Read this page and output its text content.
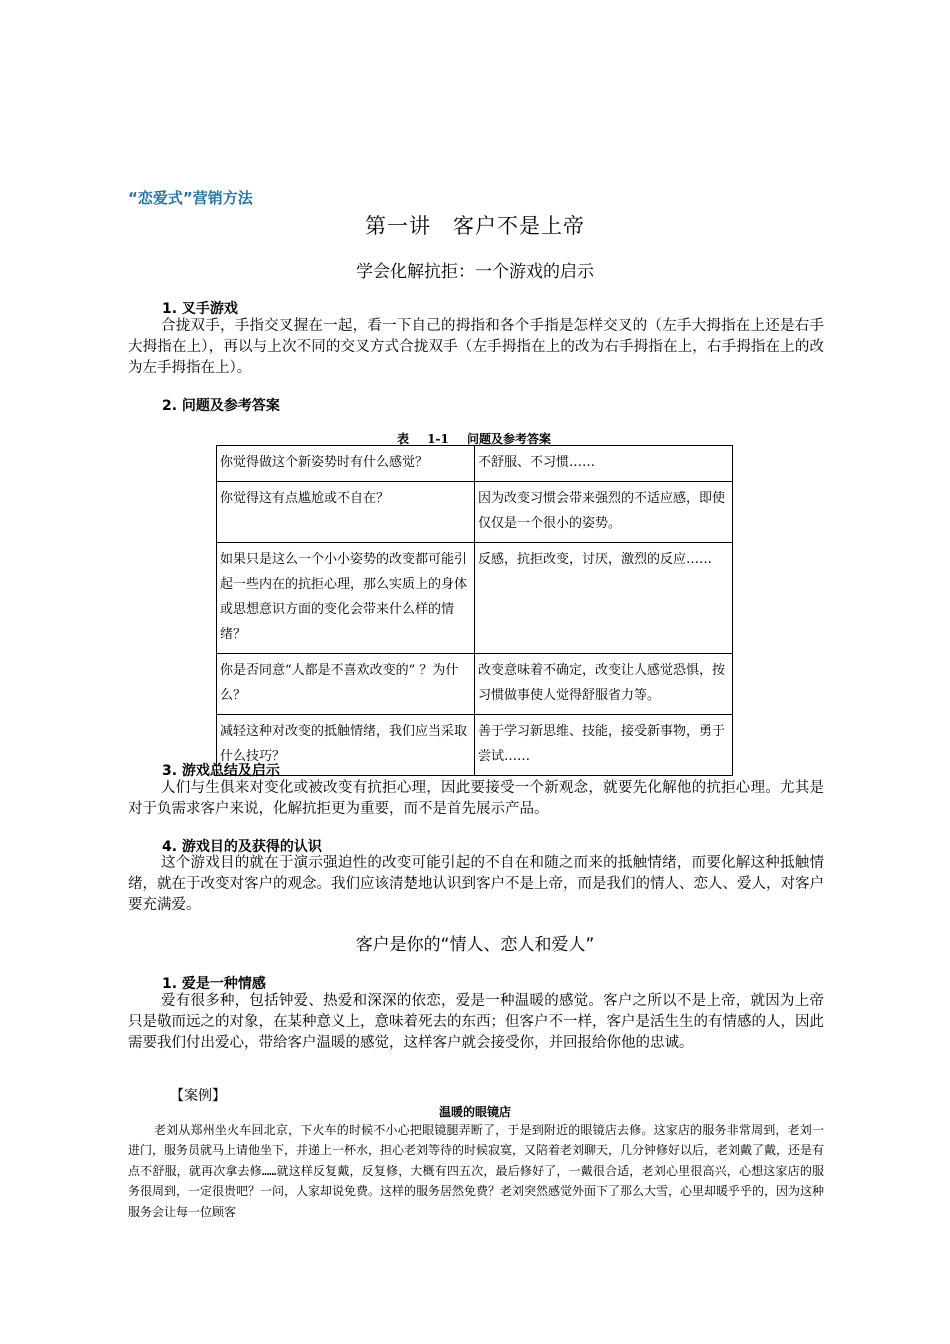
“恋爱式”营销方法
第一讲　客户不是上帝
学会化解抗拒：一个游戏的启示
1. 叉手游戏

合拢双手，手指交叉握在一起，看一下自己的拇指和各个手指是怎样交叉的（左手大拇指在上还是右手大拇指在上），再以与上次不同的交叉方式合拢双手（左手拇指在上的改为右手拇指在上，右手拇指在上的改为左手拇指在上）。

2. 问题及参考答案
表 1-1 问题及参考答案
你觉得做这个新姿势时有什么感觉？	不舒服、不习惯……
你觉得这有点尴尬或不自在？	因为改变习惯会带来强烈的不适应感，即使仅仅是一个很小的姿势。
如果只是这么一个小小姿势的改变都可能引起一些内在的抗拒心理，那么实质上的身体或思想意识方面的变化会带来什么样的情绪？	反感，抗拒改变，讨厌，激烈的反应……
你是否同意“人都是不喜欢改变的” ？为什么？	改变意味着不确定，改变让人感觉恐惧，按习惯做事使人觉得舒服省力等。
减轻这种对改变的抵触情绪，我们应当采取什么技巧？	善于学习新思维、技能，接受新事物，勇于尝试……
3. 游戏总结及启示

人们与生俱来对变化或被改变有抗拒心理，因此要接受一个新观念，就要先化解他的抗拒心理。尤其是对于负需求客户来说，化解抗拒更为重要，而不是首先展示产品。

4. 游戏目的及获得的认识

这个游戏目的就在于演示强迫性的改变可能引起的不自在和随之而来的抵触情绪，而要化解这种抵触情绪，就在于改变对客户的观念。我们应该清楚地认识到客户不是上帝，而是我们的情人、恋人、爱人，对客户要充满爱。

客户是你的“情人、恋人和爱人”
1. 爱是一种情感

爱有很多种，包括钟爱、热爱和深深的依恋，爱是一种温暖的感觉。客户之所以不是上帝，就因为上帝只是敬而远之的对象，在某种意义上，意味着死去的东西；但客户不一样，客户是活生生的有情感的人，因此需要我们付出爱心，带给客户温暖的感觉，这样客户就会接受你，并回报给你他的忠诚。

【案例】
温暖的眼镜店

老刘从郑州坐火车回北京，下火车的时候不小心把眼镜腿弄断了，于是到附近的眼镜店去修。这家店的服务非常周到，老刘一进门，服务员就马上请他坐下，并递上一杯水，担心老刘等待的时候寂寞，又陪着老刘聊天，几分钟修好以后，老刘戴了戴，还是有点不舒服，就再次拿去修……就这样反复戴，反复修，大概有四五次，最后修好了，一戴很合适，老刘心里很高兴，心想这家店的服务很周到，一定很贵吧？一问，人家却说免费。这样的服务居然免费？老刘突然感觉外面下了那么大雪，心里却暖乎乎的，因为这种服务会让每一位顾客
